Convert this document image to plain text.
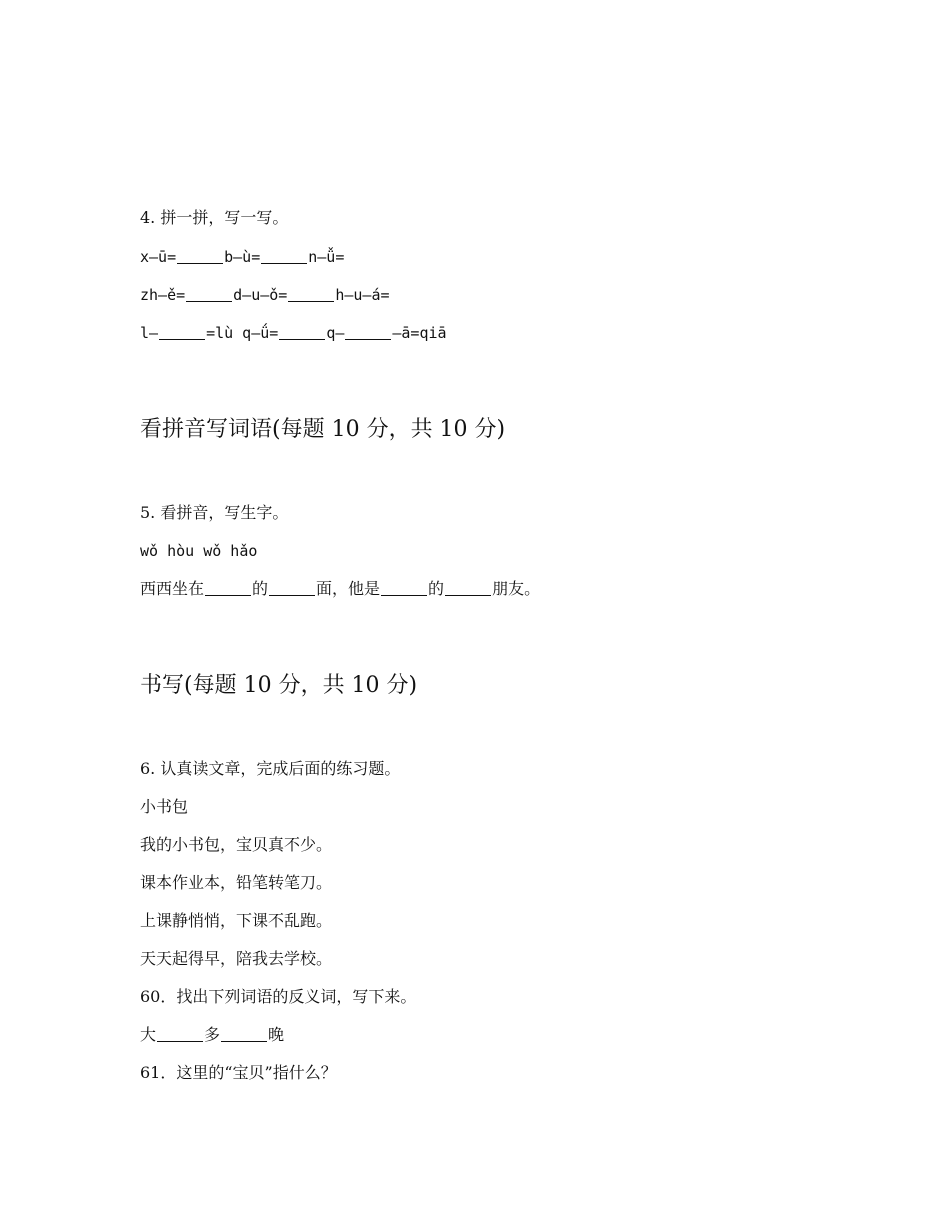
4. 拼一拼，写一写。
x—ū=	b—ù=	n—ǚ=
zh—ě=	d—u—ǒ=	h—u—á=
l—	=lù q—ǘ=	q—	—ā=qiā
看拼音写词语(每题 10 分，共 10 分)
5. 看拼音，写生字。
wǒ hòu wǒ hǎo
西西坐在	的	面，他是	的	朋友。
书写(每题 10 分，共 10 分)
6. 认真读文章，完成后面的练习题。
小书包
我的小书包，宝贝真不少。
课本作业本，铅笔转笔刀。
上课静悄悄，下课不乱跑。
天天起得早，陪我去学校。
60．找出下列词语的反义词，写下来。
大	多	晚
61．这里的“宝贝”指什么？
